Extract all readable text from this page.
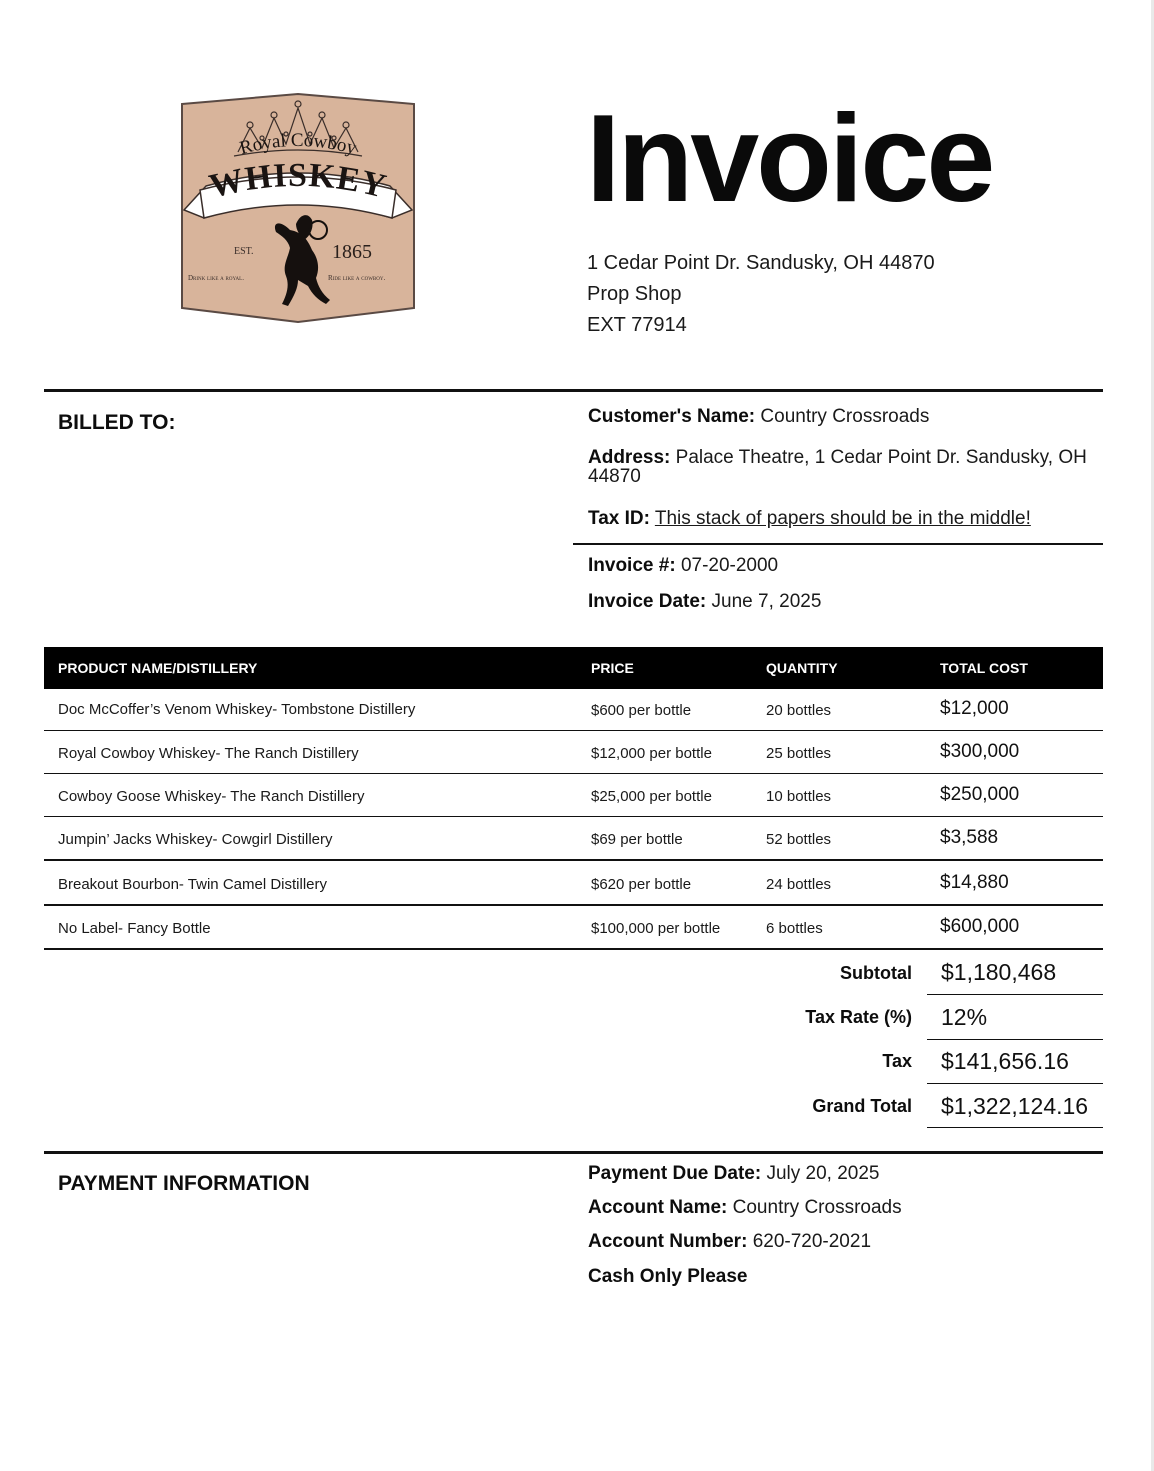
Royal Cowboy
WHISKEY
EST.	1865
Drink like a royal.	Ride like a cowboy.
Invoice
1 Cedar Point Dr. Sandusky, OH 44870
Prop Shop
EXT 77914
BILLED TO:	Customer's Name: Country Crossroads
Address: Palace Theatre, 1 Cedar Point Dr. Sandusky, OH 44870
Tax ID: This stack of papers should be in the middle!
Invoice #: 07-20-2000
Invoice Date: June 7, 2025
PRODUCT NAME/DISTILLERY	PRICE	QUANTITY	TOTAL COST
Doc McCoffer’s Venom Whiskey- Tombstone Distillery	$600 per bottle	20 bottles	$12,000
Royal Cowboy Whiskey- The Ranch Distillery	$12,000 per bottle	25 bottles	$300,000
Cowboy Goose Whiskey- The Ranch Distillery	$25,000 per bottle	10 bottles	$250,000
Jumpin’ Jacks Whiskey- Cowgirl Distillery	$69 per bottle	52 bottles	$3,588
Breakout Bourbon- Twin Camel Distillery	$620 per bottle	24 bottles	$14,880
No Label- Fancy Bottle	$100,000 per bottle	6 bottles	$600,000
Subtotal $1,180,468
Tax Rate (%) 12%
Tax $141,656.16
Grand Total $1,322,124.16
PAYMENT INFORMATION	Payment Due Date: July 20, 2025
Account Name: Country Crossroads
Account Number: 620-720-2021
Cash Only Please
